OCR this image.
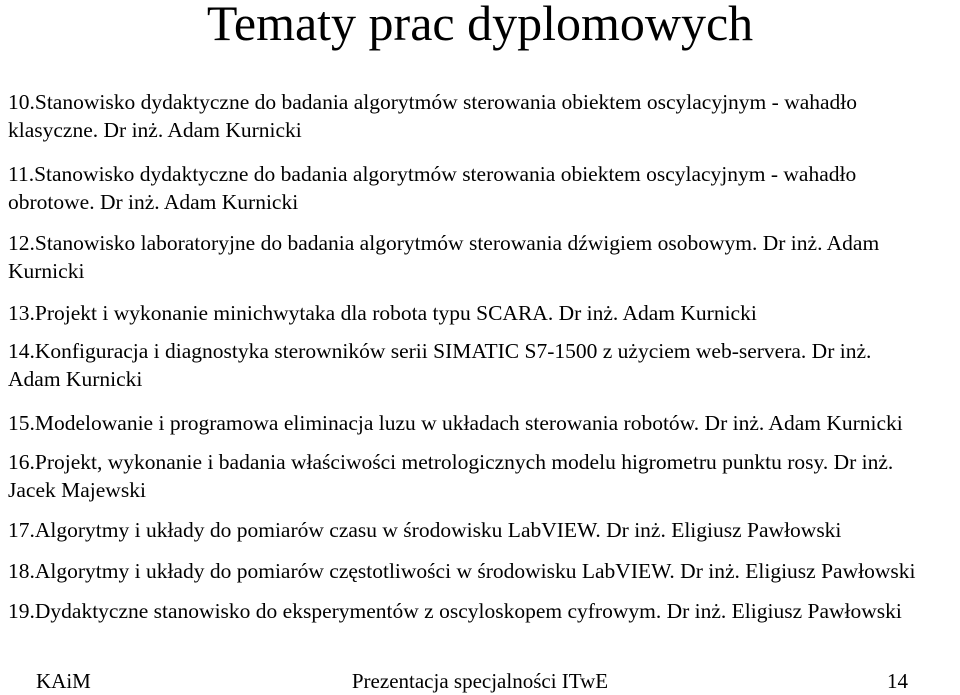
Tematy prac dyplomowych
10.Stanowisko dydaktyczne do badania algorytmów sterowania obiektem oscylacyjnym - wahadło
klasyczne. Dr inż. Adam Kurnicki
11.Stanowisko dydaktyczne do badania algorytmów sterowania obiektem oscylacyjnym - wahadło
obrotowe. Dr inż. Adam Kurnicki
12.Stanowisko laboratoryjne do badania algorytmów sterowania dźwigiem osobowym. Dr inż. Adam
Kurnicki
13.Projekt i wykonanie minichwytaka dla robota typu SCARA. Dr inż. Adam Kurnicki
14.Konfiguracja i diagnostyka sterowników serii SIMATIC S7-1500 z użyciem web-servera. Dr inż.
Adam Kurnicki
15.Modelowanie i programowa eliminacja luzu w układach sterowania robotów. Dr inż. Adam Kurnicki
16.Projekt, wykonanie i badania właściwości metrologicznych modelu higrometru punktu rosy. Dr inż.
Jacek Majewski
17.Algorytmy i układy do pomiarów czasu w środowisku LabVIEW. Dr inż. Eligiusz Pawłowski
18.Algorytmy i układy do pomiarów częstotliwości w środowisku LabVIEW. Dr inż. Eligiusz Pawłowski
19.Dydaktyczne stanowisko do eksperymentów z oscyloskopem cyfrowym. Dr inż. Eligiusz Pawłowski
KAiM	Prezentacja specjalności ITwE	14
